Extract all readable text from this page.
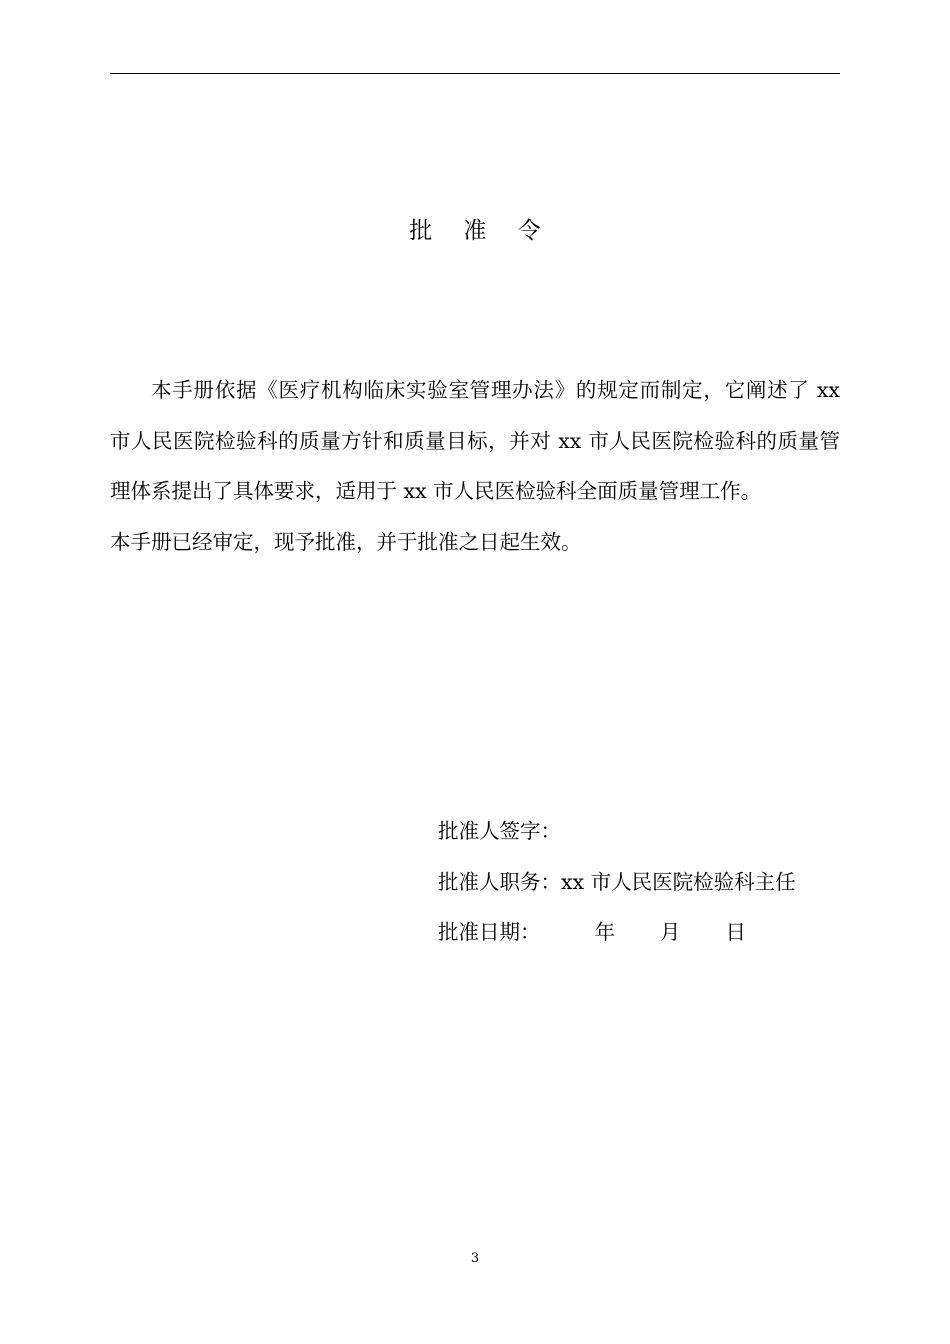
批 准 令

本手册依据《医疗机构临床实验室管理办法》的规定而制定，它阐述了 xx 市人民医院检验科的质量方针和质量目标，并对 xx 市人民医院检验科的质量管理体系提出了具体要求，适用于 xx 市人民医检验科全面质量管理工作。

本手册已经审定，现予批准，并于批准之日起生效。

批准人签字：
批准人职务：xx 市人民医院检验科主任
批准日期：	年 月 日
3
